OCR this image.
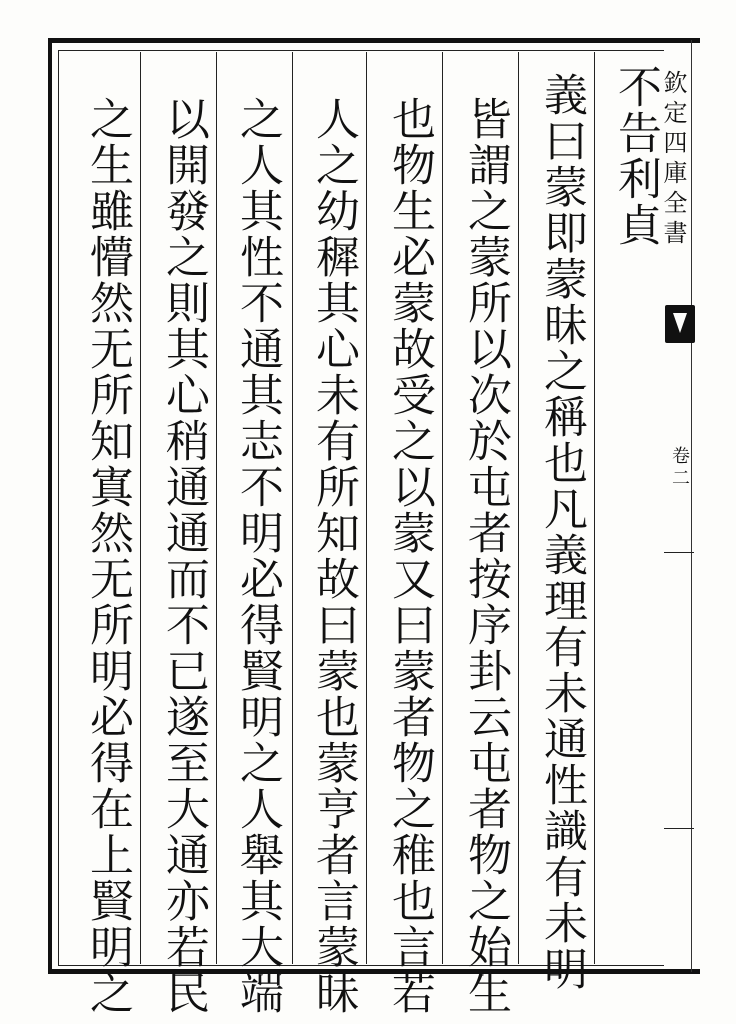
欽定四庫全書
卷二
不告利貞
義曰蒙即蒙昧之稱也凡義理有未通性識有未明
皆謂之蒙所以次於屯者按序卦云屯者物之始生
也物生必蒙故受之以蒙又曰蒙者物之稚也言若
人之幼穉其心未有所知故曰蒙也蒙亨者言蒙昧
之人其性不通其志不明必得賢明之人舉其大端
以開發之則其心稍通通而不已遂至大通亦若民
之生雖懵然无所知寘然无所明必得在上賢明之
